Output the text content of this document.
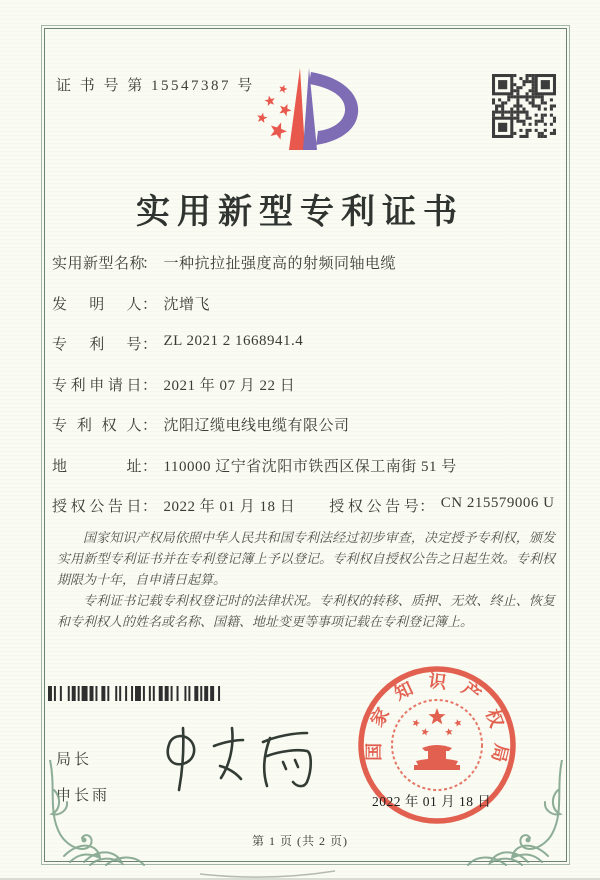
证 书 号 第 15547387 号
实用新型专利证书
实用新型名称
： 一种抗拉扯强度高的射频同轴电缆
发明人 ： 沈增飞
专利号 ： ZL 2021 2 1668941.4
专利申请日 ： 2021 年 07 月 22 日
专利权人 ： 沈阳辽缆电线电缆有限公司
地址 ： 110000 辽宁省沈阳市铁西区保工南街 51 号
授权公告日 ： 2022 年 01 月 18 日 授权公告号 ： CN 215579006 U

国家知识产权局依照中华人民共和国专利法经过初步审查，决定授予专利权，颁发实用新型专利证书并在专利登记簿上予以登记。专利权自授权公告之日起生效。专利权期限为十年，自申请日起算。

专利证书记载专利权登记时的法律状况。专利权的转移、质押、无效、终止、恢复和专利权人的姓名或名称、国籍、地址变更等事项记载在专利登记簿上。

局长
申长雨
国家知识产权局
2022 年 01 月 18 日
第 1 页 (共 2 页)
